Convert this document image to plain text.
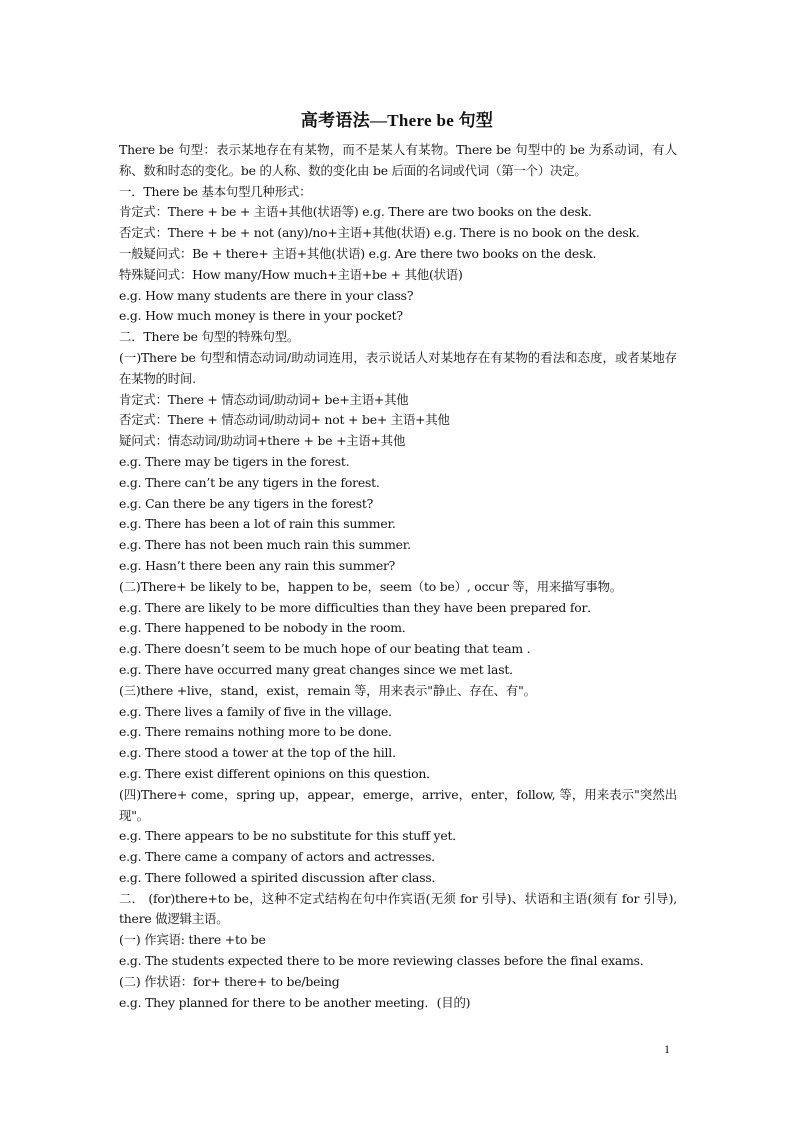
高考语法—There be 句型
There be 句型：表示某地存在有某物，而不是某人有某物。There be 句型中的 be 为系动词，有人称、数和时态的变化。be 的人称、数的变化由 be 后面的名词或代词（第一个）决定。
一．There be 基本句型几种形式：
肯定式：There + be + 主语+其他(状语等) e.g. There are two books on the desk.
否定式：There + be + not (any)/no+主语+其他(状语) e.g. There is no book on the desk.
一般疑问式：Be + there+ 主语+其他(状语) e.g. Are there two books on the desk.
特殊疑问式：How many/How much+主语+be + 其他(状语)
e.g. How many students are there in your class?
e.g. How much money is there in your pocket?
二．There be 句型的特殊句型。
(一)There be 句型和情态动词/助动词连用，表示说话人对某地存在有某物的看法和态度，或者某地存在某物的时间.
肯定式：There + 情态动词/助动词+ be+主语+其他
否定式：There + 情态动词/助动词+ not + be+ 主语+其他
疑问式：情态动词/助动词+there + be +主语+其他
e.g. There may be tigers in the forest.
e.g. There can’t be any tigers in the forest.
e.g. Can there be any tigers in the forest?
e.g. There has been a lot of rain this summer.
e.g. There has not been much rain this summer.
e.g. Hasn’t there been any rain this summer?
(二)There+ be likely to be，happen to be，seem（to be）, occur 等，用来描写事物。
e.g. There are likely to be more difficulties than they have been prepared for．
e.g. There happened to be nobody in the room．
e.g. There doesn’t seem to be much hope of our beating that team .
e.g. There have occurred many great changes since we met last．
(三)there +live，stand，exist，remain 等，用来表示"静止、存在、有"。
e.g. There lives a family of five in the village．
e.g. There remains nothing more to be done．
e.g. There stood a tower at the top of the hill.
e.g. There exist different opinions on this question．
(四)There+ come，spring up，appear，emerge，arrive，enter，follow, 等，用来表示"突然出现"。
e.g. There appears to be no substitute for this stuff yet．
e.g. There came a company of actors and actresses．
e.g. There followed a spirited discussion after class．
二． (for)there+to be，这种不定式结构在句中作宾语(无须 for 引导)、状语和主语(须有 for 引导), there 做逻辑主语。
(一) 作宾语: there +to be
e.g. The students expected there to be more reviewing classes before the final exams．
(二) 作状语：for+ there+ to be/being
e.g. They planned for there to be another meeting．(目的)
1
